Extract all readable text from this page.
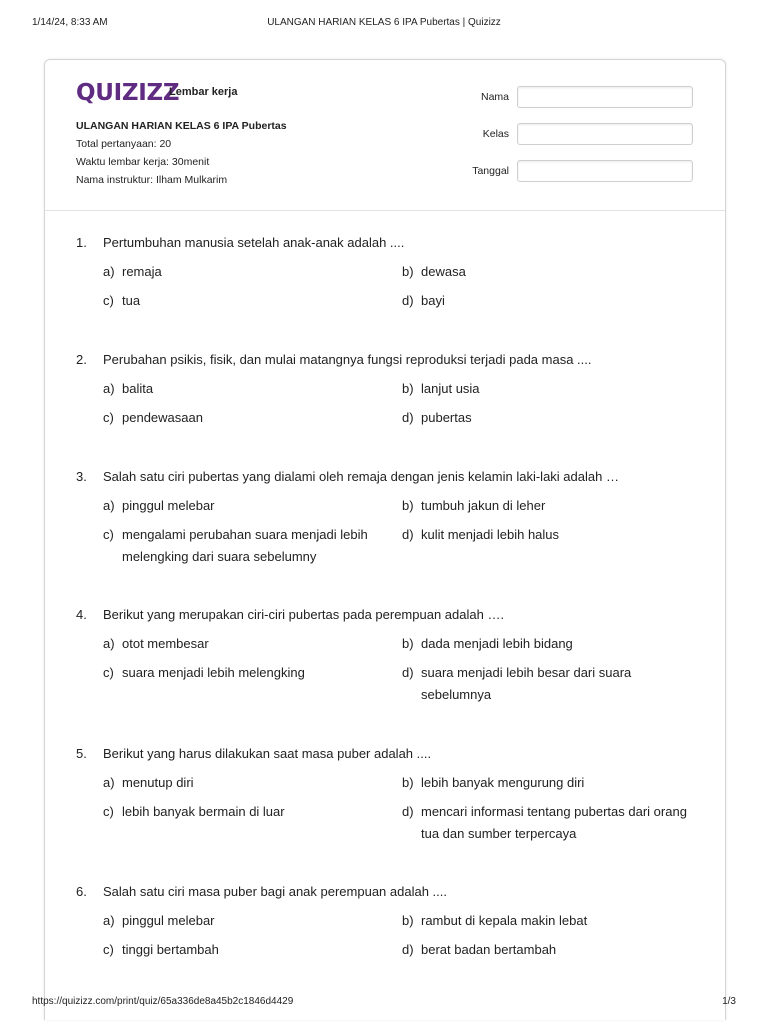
1/14/24, 8:33 AM	ULANGAN HARIAN KELAS 6 IPA Pubertas | Quizizz
QUIZIZZ
Lembar kerja
ULANGAN HARIAN KELAS 6 IPA Pubertas
Total pertanyaan: 20
Waktu lembar kerja: 30menit
Nama instruktur: Ilham Mulkarim
Nama
Kelas
Tanggal
1. Pertumbuhan manusia setelah anak-anak adalah ....
a) remaja	b) dewasa
c) tua	d) bayi
2. Perubahan psikis, fisik, dan mulai matangnya fungsi reproduksi terjadi pada masa ....
a) balita	b) lanjut usia
c) pendewasaan	d) pubertas
3. Salah satu ciri pubertas yang dialami oleh remaja dengan jenis kelamin laki-laki adalah …
a) pinggul melebar	b) tumbuh jakun di leher
c) mengalami perubahan suara menjadi lebih melengking dari suara sebelumny
d) kulit menjadi lebih halus
4. Berikut yang merupakan ciri-ciri pubertas pada perempuan adalah ….
a) otot membesar	b) dada menjadi lebih bidang
c) suara menjadi lebih melengking	d) suara menjadi lebih besar dari suara sebelumnya
5. Berikut yang harus dilakukan saat masa puber adalah ....
a) menutup diri	b) lebih banyak mengurung diri
c) lebih banyak bermain di luar	d) mencari informasi tentang pubertas dari orang tua dan sumber terpercaya
6. Salah satu ciri masa puber bagi anak perempuan adalah ....
a) pinggul melebar	b) rambut di kepala makin lebat
c) tinggi bertambah	d) berat badan bertambah
https://quizizz.com/print/quiz/65a336de8a45b2c1846d4429	1/3
